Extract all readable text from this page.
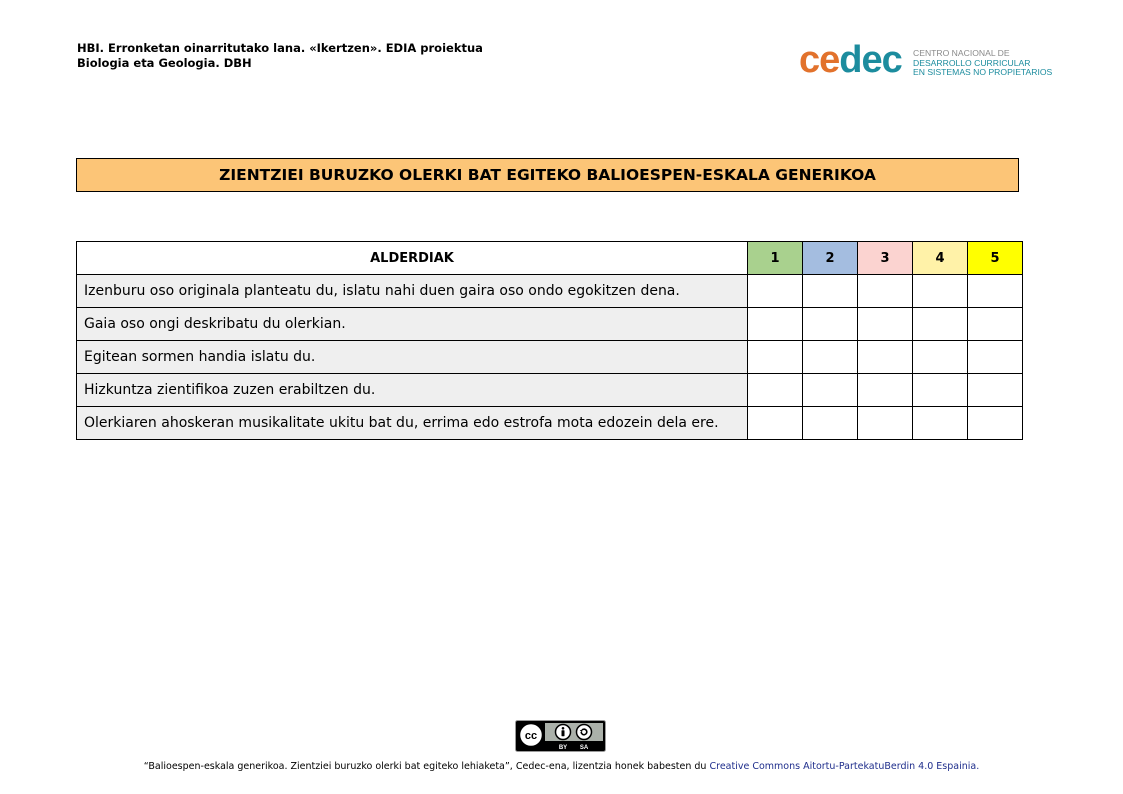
HBI. Erronketan oinarritutako lana. «Ikertzen». EDIA proiektua
Biologia eta Geologia. DBH	cedec CENTRO NACIONAL DE
DESARROLLO CURRICULAR
EN SISTEMAS NO PROPIETARIOS
ZIENTZIEI BURUZKO OLERKI BAT EGITEKO BALIOESPEN-ESKALA GENERIKOA
ALDERDIAK	1	2	3	4	5
Izenburu oso originala planteatu du, islatu nahi duen gaira oso ondo egokitzen dena.					
Gaia oso ongi deskribatu du olerkian.					
Egitean sormen handia islatu du.					
Hizkuntza zientifikoa zuzen erabiltzen du.					
Olerkiaren ahoskeran musikalitate ukitu bat du, errima edo estrofa mota edozein dela ere.					
cc
BY SA
“Balioespen-eskala generikoa. Zientziei buruzko olerki bat egiteko lehiaketa”, Cedec-ena, lizentzia honek babesten du Creative Commons Aitortu-PartekatuBerdin 4.0 Espainia.
